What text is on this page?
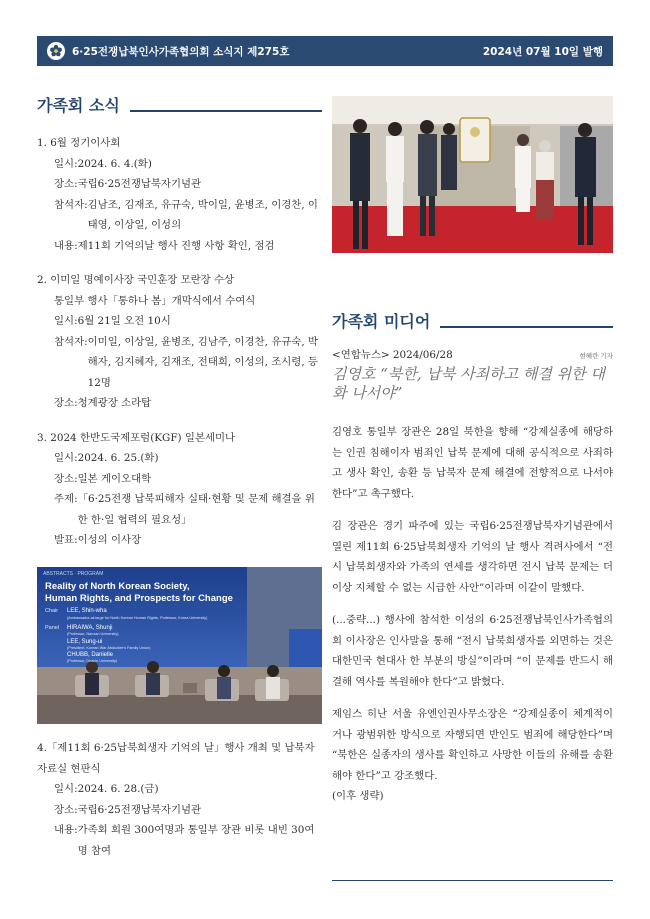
6·25전쟁납북인사가족협의회 소식지 제275호	2024년 07월 10일 발행
가족회 소식
1. 6월 정기이사회
일시: 2024. 6. 4.(화)
장소: 국립6·25전쟁납북자기념관
참석자: 김남조, 김재조, 유규숙, 박이일, 윤병조, 이경찬, 이태영, 이상일, 이성의
내용: 제11회 기억의날 행사 진행 사항 확인, 점검
2. 이미일 명예이사장 국민훈장 모란장 수상
통일부 행사「통하나 봄」개막식에서 수여식
일시: 6월 21일 오전 10시
참석자: 이미일, 이상일, 윤병조, 김남주, 이경찬, 유규숙, 박해자, 김지혜자, 김재조, 전태희, 이성의, 조시령, 등 12명
장소: 청계광장 소라탑
3. 2024 한반도국제포럼(KGF) 일본세미나
일시: 2024. 6. 25.(화)
장소: 일본 게이오대학
주제: 「6·25전쟁 납북피해자 실태·현황 및 문제 해결을 위한 한·일 협력의 필요성」
발표: 이성의 이사장
ABSTRACTS · PROGRAM
Reality of North Korean Society,
Human Rights, and Prospects for Change
Chair LEE, Shin-wha
(Ambassador-at-large for North Korean Human Rights, Professor, Korea University)
Panel HIRAIWA, Shunji
(Professor, Nanzan University)
LEE, Sung-ui
(President, Korean War Abductee's Family Union)
CHUBB, Danielle
(Professor, Deakin University)
4.「제11회 6·25납북희생자 기억의 날」행사 개최 및 납북자 자료실 현판식
일시: 2024. 6. 28.(금)
장소: 국립6·25전쟁납북자기념관
내용: 가족회 회원 300여명과 통일부 장관 비롯 내빈 30여명 참여
가족회 미디어
<연합뉴스> 2024/06/28	현혜란 기자
김영호 “북한, 납북 사죄하고 해결 위한 대화 나서야”
김영호 통일부 장관은 28일 북한을 향해 “강제실종에 해당하는 인권 침해이자 범죄인 납북 문제에 대해 공식적으로 사죄하고 생사 확인, 송환 등 납북자 문제 해결에 전향적으로 나서야 한다”고 촉구했다.
김 장관은 경기 파주에 있는 국립6·25전쟁납북자기념관에서 열린 제11회 6·25납북희생자 기억의 날 행사 격려사에서 “전시 납북희생자와 가족의 연세를 생각하면 전시 납북 문제는 더 이상 지체할 수 없는 시급한 사안”이라며 이같이 말했다.
(...중략...) 행사에 참석한 이성의 6·25전쟁납북인사가족협의회 이사장은 인사말을 통해 “전시 납북희생자를 외면하는 것은 대한민국 현대사 한 부분의 방실”이라며 “이 문제를 반드시 해결해 역사를 복원해야 한다”고 밝혔다.
제임스 히난 서울 유엔인권사무소장은 “강제실종이 체계적이거나 광범위한 방식으로 자행되면 반인도 범죄에 해당한다”며 “북한은 실종자의 생사를 확인하고 사망한 이들의 유해를 송환해야 한다”고 강조했다.
(이후 생략)
